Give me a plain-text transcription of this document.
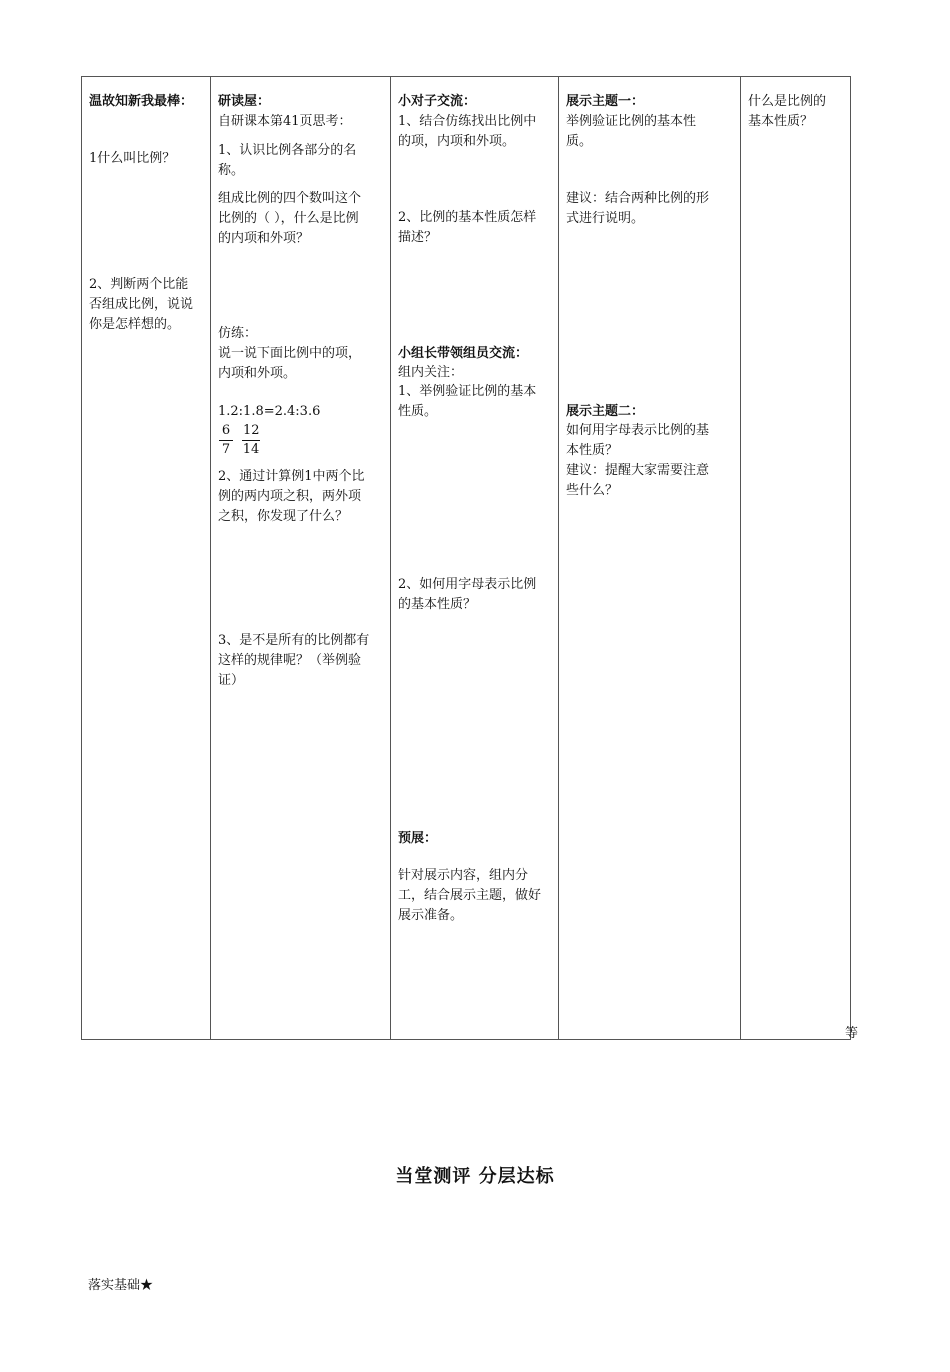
温故知新我最棒：
1什么叫比例？
2、判断两个比能
否组成比例，说说
你是怎样想的。
研读屋：
自研课本第41页思考：
1、认识比例各部分的名
称。
组成比例的四个数叫这个
比例的（ ），什么是比例
的内项和外项？
仿练：
说一说下面比例中的项，
内项和外项。
1.2:1.8=2.4:3.6
$\frac{6}{7} \frac{12}{14}$
2、通过计算例1中两个比
例的两内项之积，两外项
之积，你发现了什么？
3、是不是所有的比例都有
这样的规律呢？（举例验
证）
小对子交流：
1、结合仿练找出比例中
的项，内项和外项。
2、比例的基本性质怎样
描述？
小组长带领组员交流：
组内关注：
1、举例验证比例的基本
性质。
2、如何用字母表示比例
的基本性质？
预展：
针对展示内容，组内分
工，结合展示主题，做好
展示准备。
展示主题一：
举例验证比例的基本性
质。
建议：结合两种比例的形
式进行说明。
展示主题二：
如何用字母表示比例的基
本性质？
建议：提醒大家需要注意
些什么？
什么是比例的
基本性质？
等
当堂测评 分层达标
落实基础★
